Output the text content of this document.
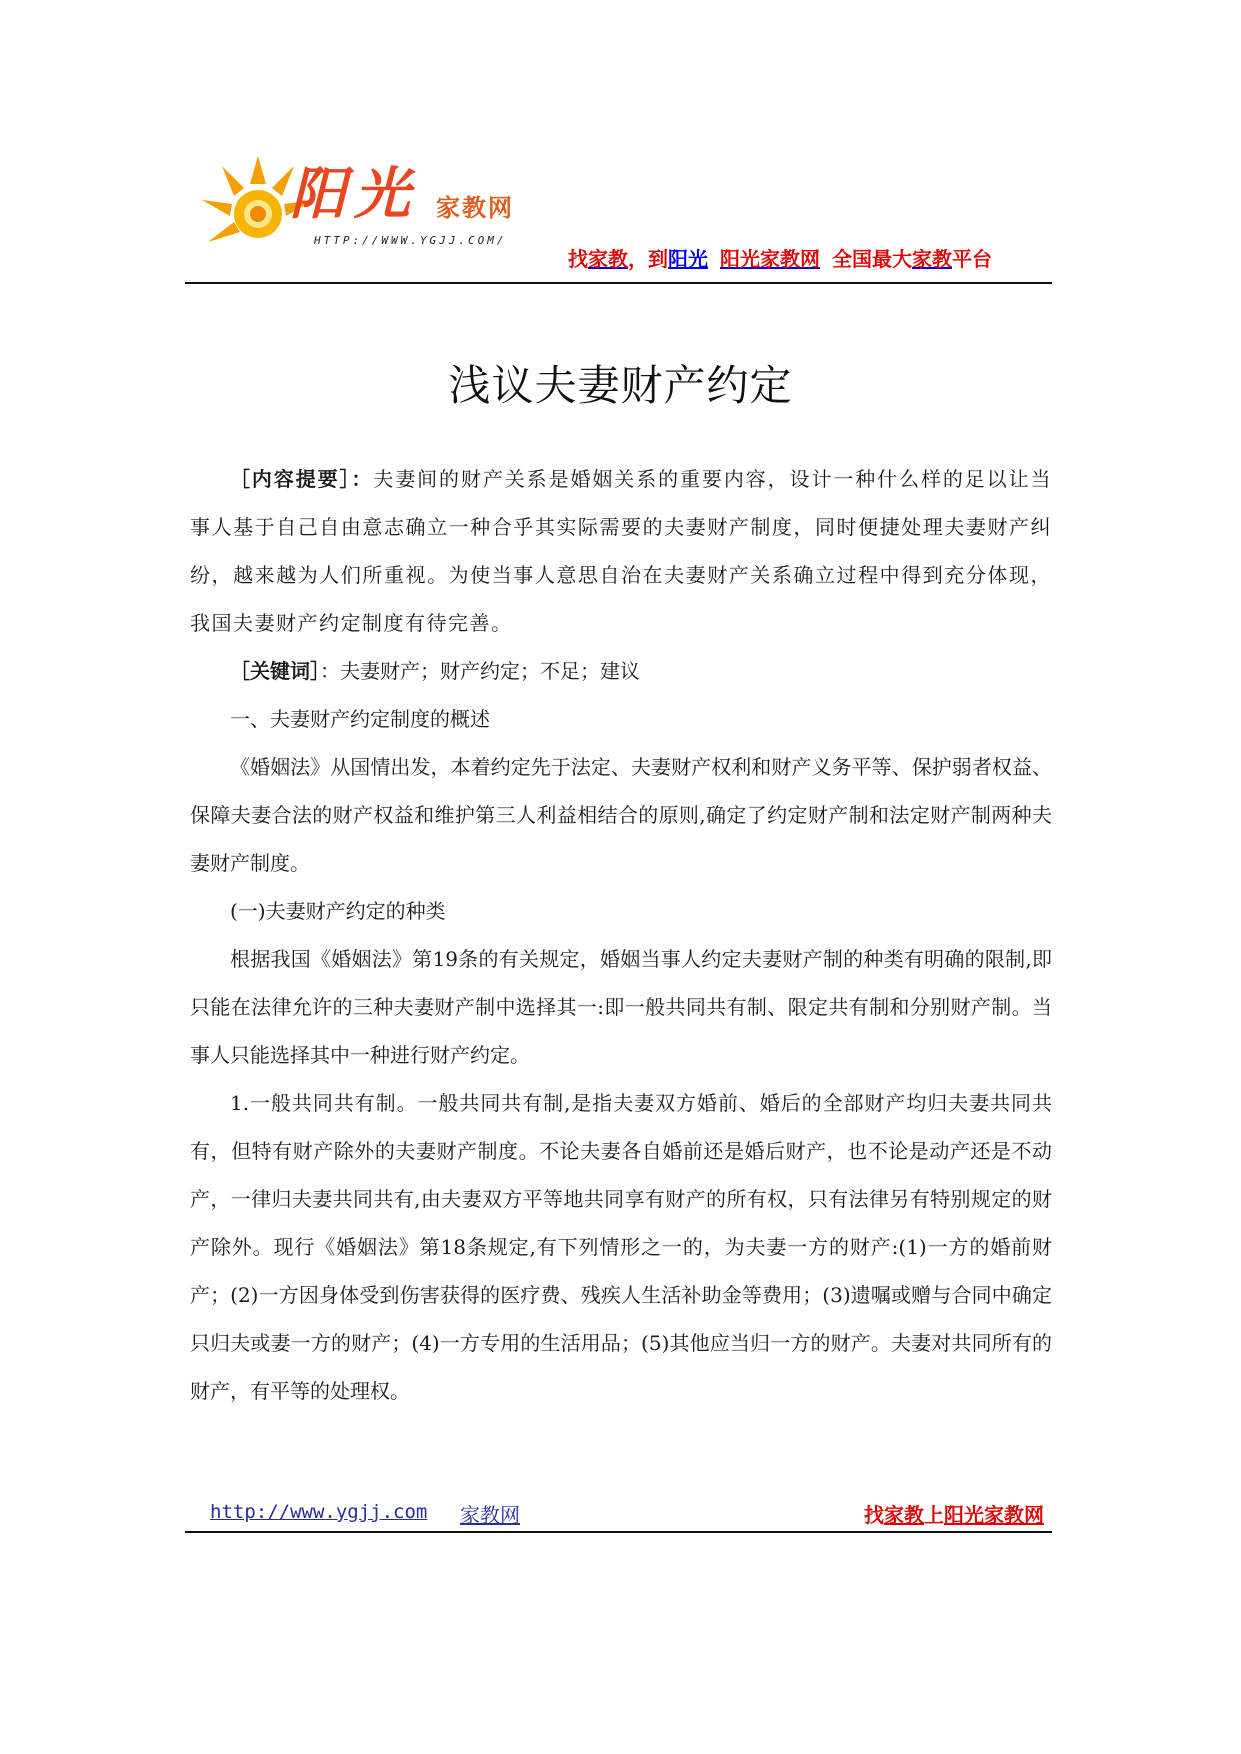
阳光 家教网
HTTP://WWW.YGJJ.COM/
找家教，到阳光 阳光家教网 全国最大家教平台
浅议夫妻财产约定

［内容提要］：夫妻间的财产关系是婚姻关系的重要内容，设计一种什么样的足以让当事人基于自己自由意志确立一种合乎其实际需要的夫妻财产制度，同时便捷处理夫妻财产纠纷，越来越为人们所重视。为使当事人意思自治在夫妻财产关系确立过程中得到充分体现，我国夫妻财产约定制度有待完善。

［关键词］：夫妻财产；财产约定；不足；建议

一、夫妻财产约定制度的概述

《婚姻法》从国情出发，本着约定先于法定、夫妻财产权利和财产义务平等、保护弱者权益、保障夫妻合法的财产权益和维护第三人利益相结合的原则,确定了约定财产制和法定财产制两种夫妻财产制度。

(一)夫妻财产约定的种类

根据我国《婚姻法》第19条的有关规定，婚姻当事人约定夫妻财产制的种类有明确的限制,即只能在法律允许的三种夫妻财产制中选择其一:即一般共同共有制、限定共有制和分别财产制。当事人只能选择其中一种进行财产约定。

1.一般共同共有制。一般共同共有制,是指夫妻双方婚前、婚后的全部财产均归夫妻共同共有，但特有财产除外的夫妻财产制度。不论夫妻各自婚前还是婚后财产，也不论是动产还是不动产，一律归夫妻共同共有,由夫妻双方平等地共同享有财产的所有权，只有法律另有特别规定的财产除外。现行《婚姻法》第18条规定,有下列情形之一的，为夫妻一方的财产:(1)一方的婚前财产；(2)一方因身体受到伤害获得的医疗费、残疾人生活补助金等费用；(3)遗嘱或赠与合同中确定只归夫或妻一方的财产；(4)一方专用的生活用品；(5)其他应当归一方的财产。夫妻对共同所有的财产，有平等的处理权。

http://www.ygjj.com 家教网	找家教上阳光家教网
